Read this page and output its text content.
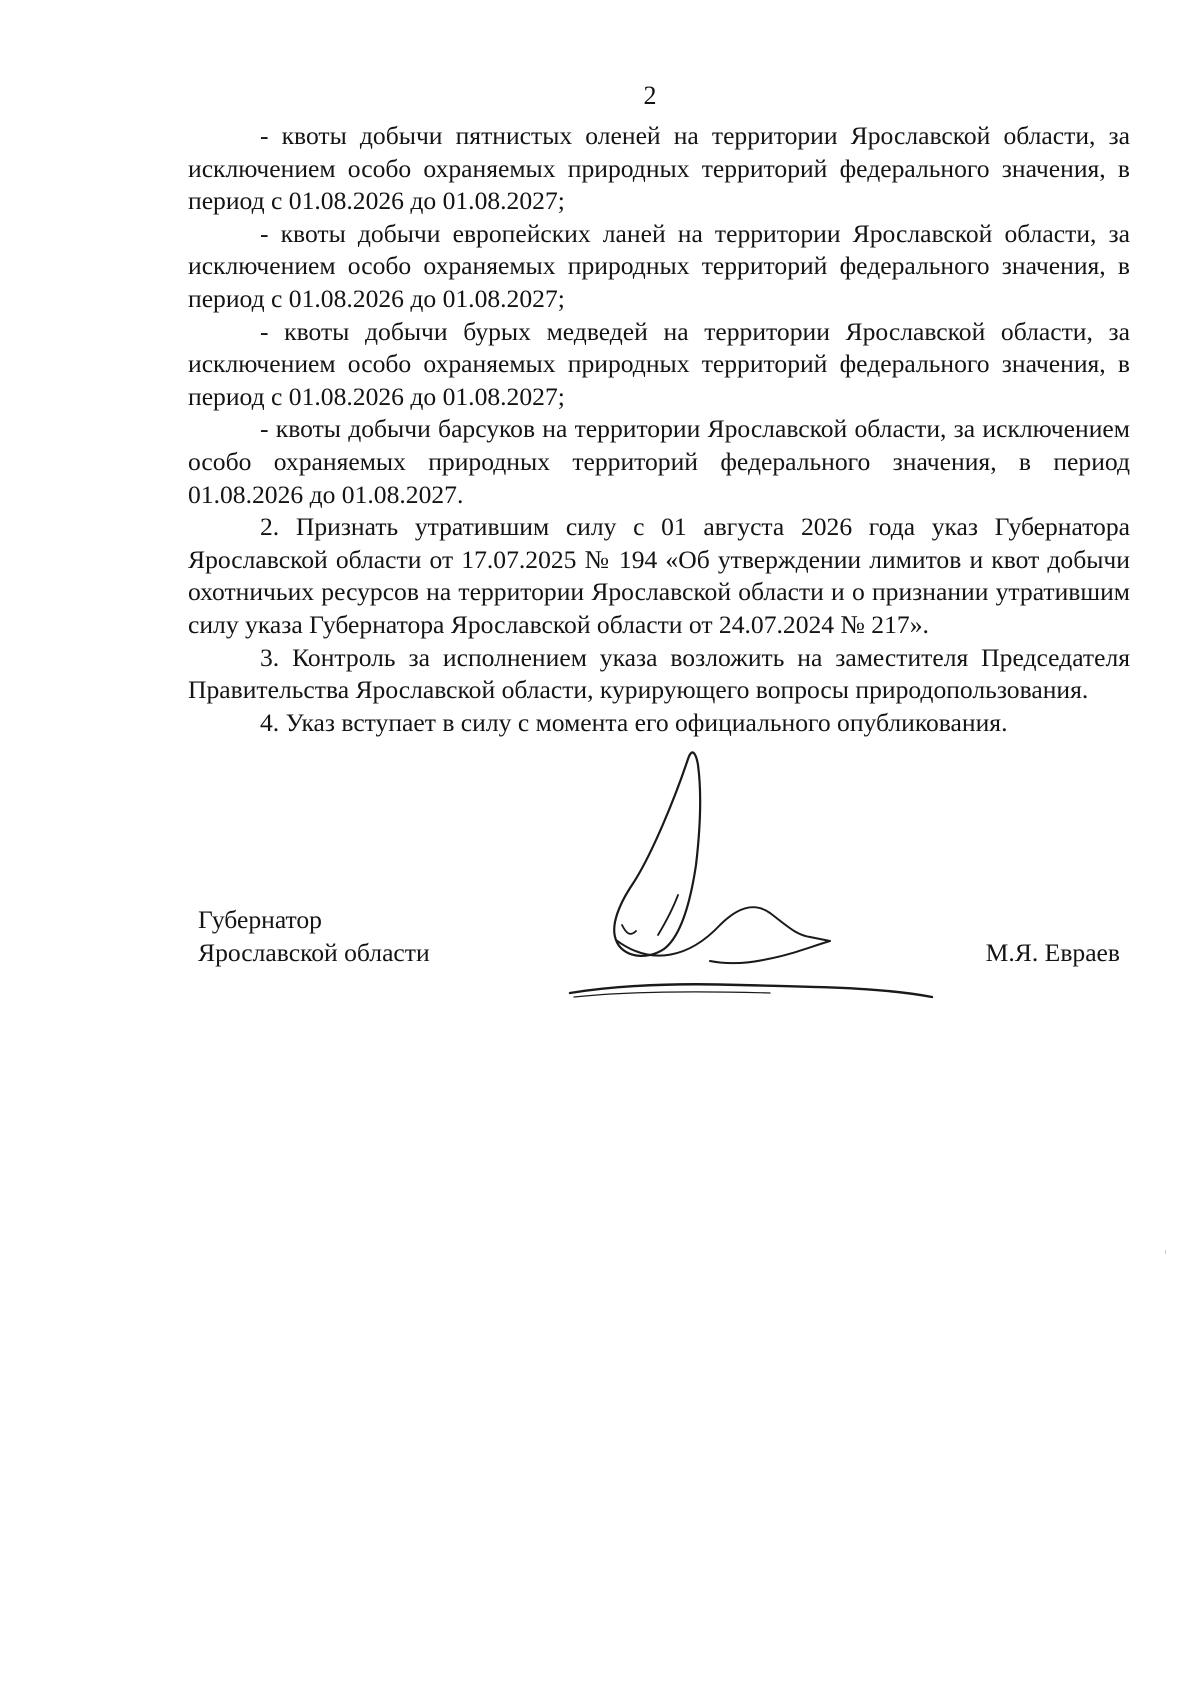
2

- квоты добычи пятнистых оленей на территории Ярославской области, за исключением особо охраняемых природных территорий федерального значения, в период с 01.08.2026 до 01.08.2027;

- квоты добычи европейских ланей на территории Ярославской области, за исключением особо охраняемых природных территорий федерального значения, в период с 01.08.2026 до 01.08.2027;

- квоты добычи бурых медведей на территории Ярославской области, за исключением особо охраняемых природных территорий федерального значения, в период с 01.08.2026 до 01.08.2027;

- квоты добычи барсуков на территории Ярославской области, за исключением особо охраняемых природных территорий федерального значения, в период 01.08.2026 до 01.08.2027.

2. Признать утратившим силу с 01 августа 2026 года указ Губернатора Ярославской области от 17.07.2025 № 194 «Об утверждении лимитов и квот добычи охотничьих ресурсов на территории Ярославской области и о признании утратившим силу указа Губернатора Ярославской области от 24.07.2024 № 217».

3. Контроль за исполнением указа возложить на заместителя Председателя Правительства Ярославской области, курирующего вопросы природопользования.

4. Указ вступает в силу с момента его официального опубликования.

Губернатор
Ярославской области	М.Я. Евраев
